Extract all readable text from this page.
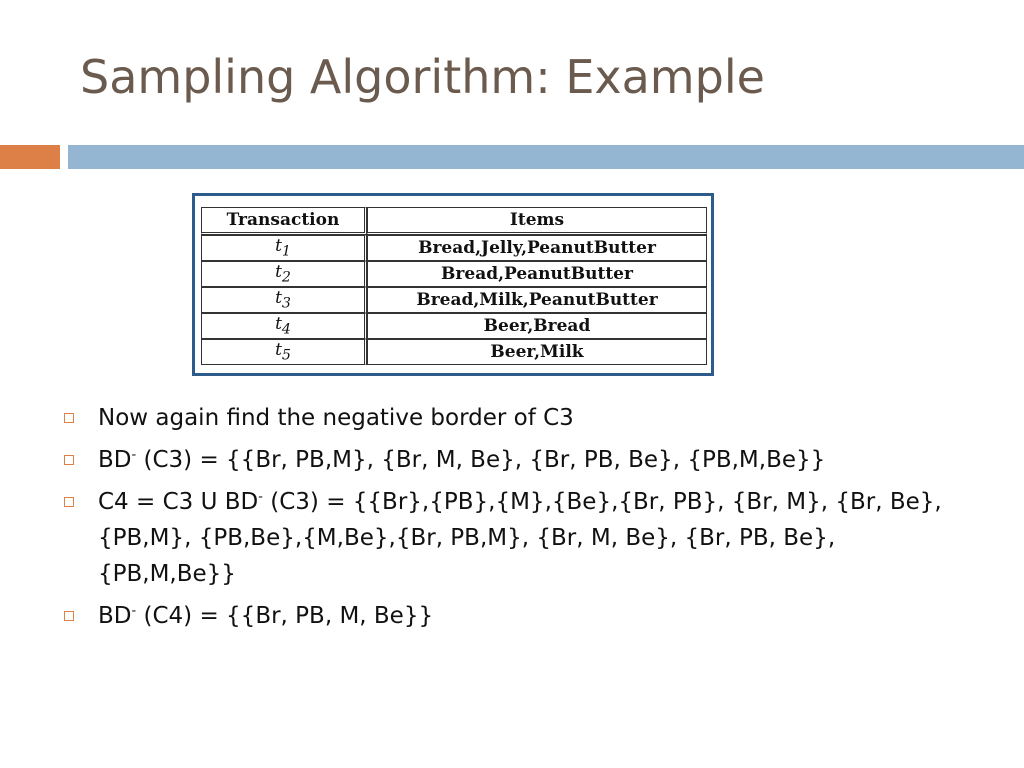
Sampling Algorithm: Example
Transaction	Items
$t_1$	Bread,Jelly,PeanutButter
$t_2$	Bread,PeanutButter
$t_3$	Bread,Milk,PeanutButter
$t_4$	Beer,Bread
$t_5$	Beer,Milk
Now again find the negative border of C3
BD- (C3) = {{Br, PB,M}, {Br, M, Be}, {Br, PB, Be}, {PB,M,Be}}
C4 = C3 U BD- (C3) = {{Br},{PB},{M},{Be},{Br, PB}, {Br, M}, {Br, Be}, {PB,M}, {PB,Be},{M,Be},{Br, PB,M}, {Br, M, Be}, {Br, PB, Be}, {PB,M,Be}}
BD- (C4) = {{Br, PB, M, Be}}
